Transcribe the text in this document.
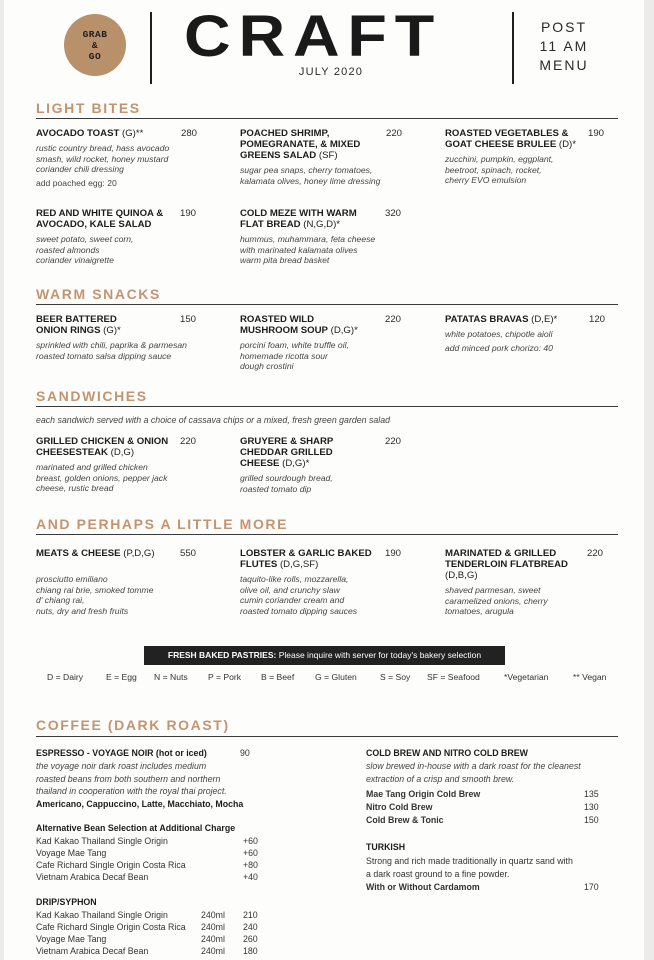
GRAB
&
GO CRAFT
JULY 2020
POST
11 AM
MENU
LIGHT BITES
AVOCADO TOAST (G)**	280
rustic country bread, hass avocado
smash, wild rocket, honey mustard
coriander chili dressing
add poached egg: 20
POACHED SHRIMP, POMEGRANATE, & MIXED GREENS SALAD (SF)
220
sugar pea snaps, cherry tomatoes,
kalamata olives, honey lime dressing
ROASTED VEGETABLES & GOAT CHEESE BRULEE (D)*
190
zucchini, pumpkin, eggplant,
beetroot, spinach, rocket,
cherry EVO emulsion
RED AND WHITE QUINOA & AVOCADO, KALE SALAD
190
sweet potato, sweet corn,
roasted almonds
coriander vinaigrette
COLD MEZE WITH WARM FLAT BREAD (N,G,D)*
320
hummus, muhammara, feta cheese
with marinated kalamata olives
warm pita bread basket
WARM SNACKS
BEER BATTERED ONION RINGS (G)*
150
sprinkled with chili, paprika & parmesan
roasted tomato salsa dipping sauce
ROASTED WILD MUSHROOM SOUP (D,G)*
220
porcini foam, white truffle oil,
homemade ricotta sour
dough crostini
PATATAS BRAVAS (D,E)*	120
white potatoes, chipotle aioli
add minced pork chorizo: 40
SANDWICHES
each sandwich served with a choice of cassava chips or a mixed, fresh green garden salad
GRILLED CHICKEN & ONION CHEESESTEAK (D,G)
220
marinated and grilled chicken
breast, golden onions, pepper jack
cheese, rustic bread
GRUYERE & SHARP CHEDDAR GRILLED CHEESE (D,G)*
220
grilled sourdough bread,
roasted tomato dip
AND PERHAPS A LITTLE MORE
MEATS & CHEESE (P,D,G)	550
prosciutto emiliano
chiang rai brie, smoked tomme
d' chiang rai,
nuts, dry and fresh fruits
LOBSTER & GARLIC BAKED FLUTES (D,G,SF)
190
taquito-like rolls, mozzarella,
olive oil, and crunchy slaw
cumin coriander cream and
roasted tomato dipping sauces
MARINATED & GRILLED TENDERLOIN FLATBREAD (D,B,G)
220
shaved parmesan, sweet
caramelized onions, cherry
tomatoes, arugula
FRESH BAKED PASTRIES: Please inquire with server for today's bakery selection
D = Dairy	E = Egg N = Nuts P = Pork B = Beef G = Gluten	S = Soy SF = Seafood	*Vegetarian	** Vegan
COFFEE (DARK ROAST)
ESPRESSO - VOYAGE NOIR (hot or iced)	90
the voyage noir dark roast includes medium
roasted beans from both southern and northern
thailand in cooperation with the royal thai project.
Americano, Cappuccino, Latte, Macchiato, Mocha
Alternative Bean Selection at Additional Charge
Kad Kakao Thailand Single Origin	+60
Voyage Mae Tang	+60
Cafe Richard Single Origin Costa Rica	+80
Vietnam Arabica Decaf Bean	+40
DRIP/SYPHON
Kad Kakao Thailand Single Origin	240ml 210
Cafe Richard Single Origin Costa Rica 240ml 240
Voyage Mae Tang	240ml 260
Vietnam Arabica Decaf Bean	240ml 180
COLD BREW AND NITRO COLD BREW
slow brewed in-house with a dark roast for the cleanest
extraction of a crisp and smooth brew.
Mae Tang Origin Cold Brew	135
Nitro Cold Brew	130
Cold Brew & Tonic	150
TURKISH
Strong and rich made traditionally in quartz sand with
a dark roast ground to a fine powder.
With or Without Cardamom	170
